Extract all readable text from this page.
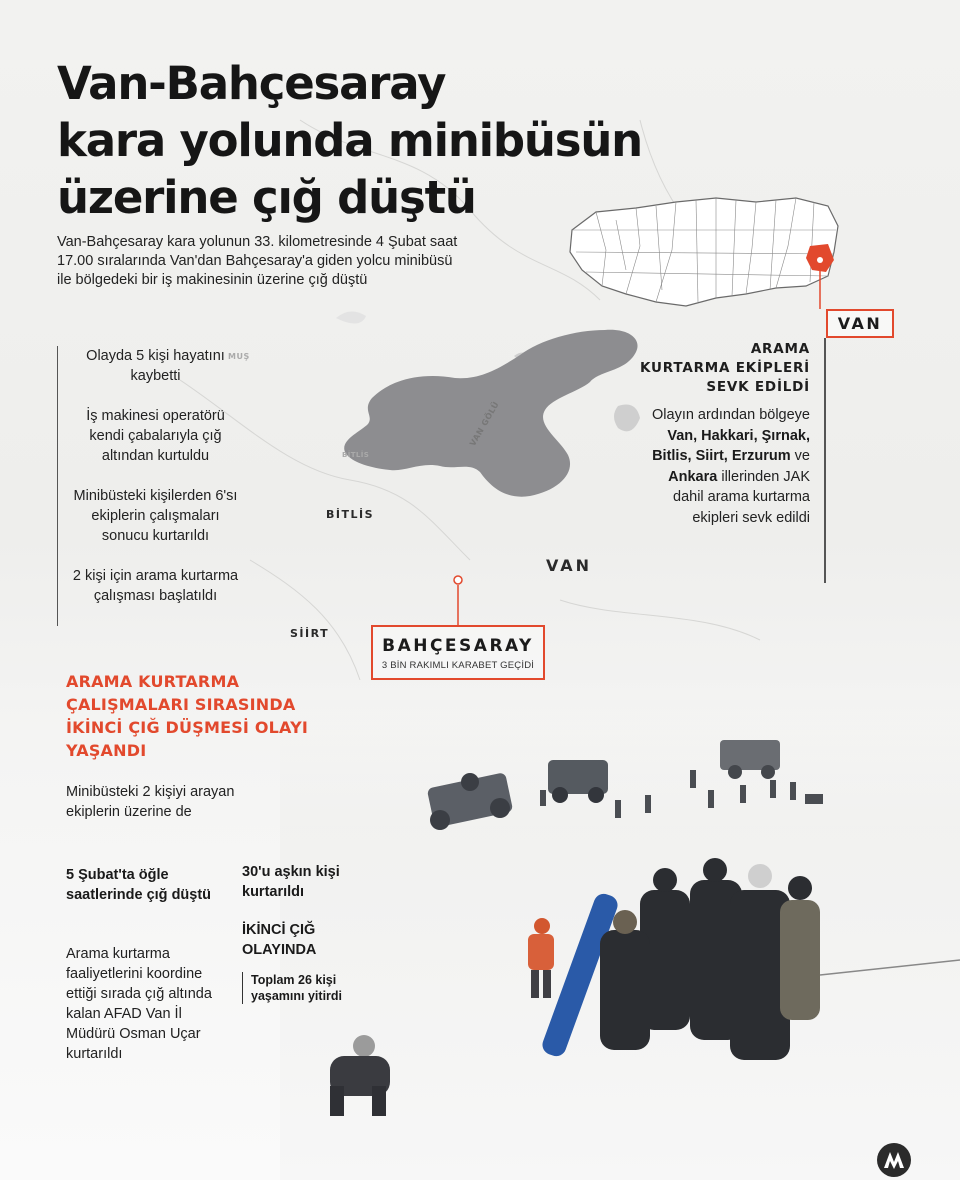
Van-Bahçesaray
kara yolunda minibüsün
üzerine çığ düştü

Van-Bahçesaray kara yolunun 33. kilometresinde 4 Şubat saat 17.00 sıralarında Van'dan Bahçesaray'a giden yolcu minibüsü ile bölgedeki bir iş makinesinin üzerine çığ düştü

Olayda 5 kişi hayatını kaybetti

İş makinesi operatörü kendi çabalarıyla çığ altından kurtuldu

Minibüsteki kişilerden 6'sı ekiplerin çalışmaları sonucu kurtarıldı

2 kişi için arama kurtarma çalışması başlatıldı

ARAMA KURTARMA ÇALIŞMALARI SIRASINDA İKİNCİ ÇIĞ DÜŞMESİ OLAYI YAŞANDI

Minibüsteki 2 kişiyi arayan ekiplerin üzerine de

5 Şubat'ta öğle saatlerinde çığ düştü

Arama kurtarma faaliyetlerini koordine ettiği sırada çığ altında kalan AFAD Van İl Müdürü Osman Uçar kurtarıldı

30'u aşkın kişi kurtarıldı

İKİNCİ ÇIĞ OLAYINDA

Toplam 26 kişi yaşamını yitirdi

MUŞ
VAN GÖLÜ
BİTLİS
BİTLİS
SİİRT
VAN
BAHÇESARAY
3 BİN RAKIMLI KARABET GEÇİDİ
VAN
ARAMA
KURTARMA EKİPLERİ
SEVK EDİLDİ

Olayın ardından bölgeye Van, Hakkari, Şırnak, Bitlis, Siirt, Erzurum ve Ankara illerinden JAK dahil arama kurtarma ekipleri sevk edildi
